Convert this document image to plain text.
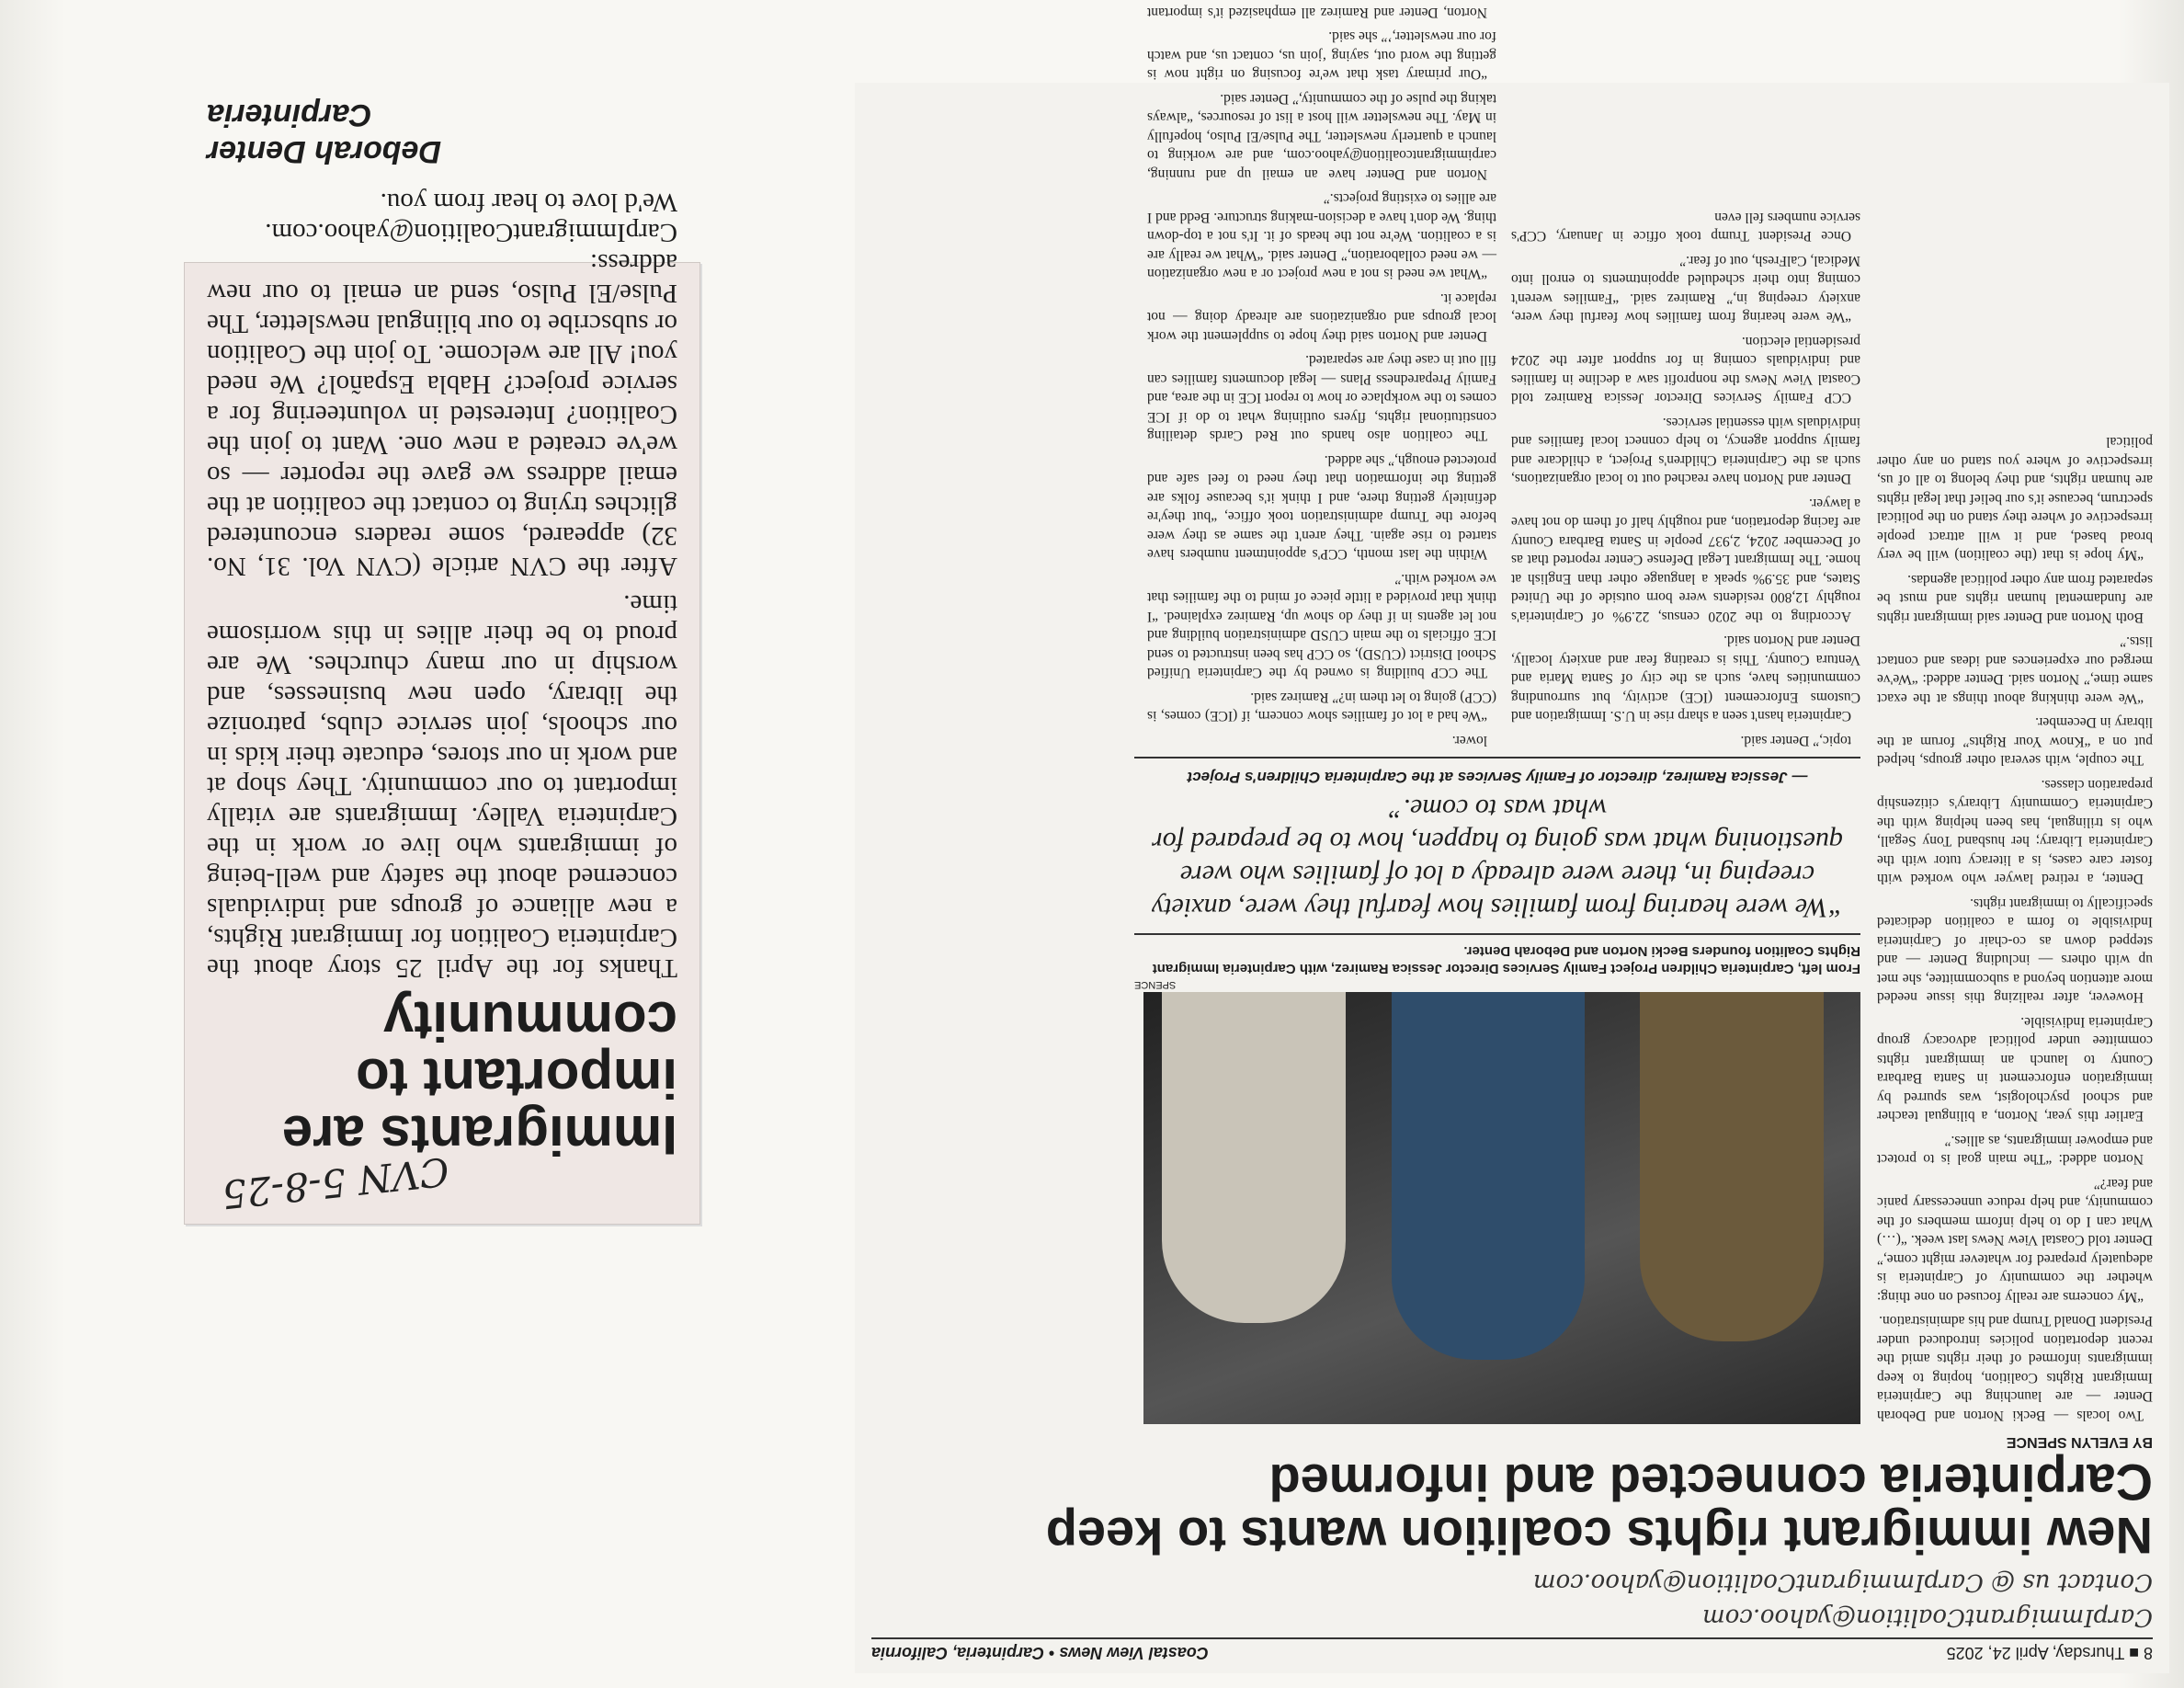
CVN 5-8-25
Immigrants are important to community

Thanks for the April 25 story about the Carpinteria Coalition for Immigrant Rights, a new alliance of groups and individuals concerned about the safety and well-being of immigrants who live or work in the Carpinteria Valley. Immigrants are vitally important to our community. They shop at and work in our stores, educate their kids in our schools, join service clubs, patronize the library, open new businesses, and worship in our many churches. We are proud to be their allies in this worrisome time.

After the CVN article (CVN Vol. 31, No. 32) appeared, some readers encountered glitches trying to contact the coalition at the email address we gave the reporter — so we've created a new one. Want to join the Coalition? Interested in volunteering for a service project? Habla Español? We need you! All are welcome. To join the Coalition or subscribe to our bilingual newsletter, The Pulse/El Pulso, send an email to our new address: CarpImmigrantCoalition@yahoo.com. We'd love to hear from you.

Deborah Denter
Carpinteria
8 ■ Thursday, April 24, 2025
Coastal View News • Carpinteria, California
CarpImmigrantCoalition@yahoo.com
Contact us @ CarpImmigrantCoalition@yahoo.com
New immigrant rights coalition wants to keep Carpinteria connected and informed
BY EVELYN SPENCE

Two locals — Becki Norton and Deborah Denter — are launching the Carpinteria Immigrant Rights Coalition, hoping to keep immigrants informed of their rights amid the recent deportation policies introduced under President Donald Trump and his administration.

“My concerns are really focused on one thing: whether the community of Carpinteria is adequately prepared for whatever might come,” Denter told Coastal View News last week. “(…) What can I do to help inform members of the community, and help reduce unnecessary panic and fear?”

Norton added: “The main goal is to protect and empower immigrants, as allies.”

Earlier this year, Norton, a bilingual teacher and school psychologist, was spurred by immigration enforcement in Santa Barbara County to launch an immigrant rights committee under political advocacy group Carpinteria Indivisible.

However, after realizing this issue needed more attention beyond a subcommittee, she met up with others — including Denter — and stepped down as co-chair of Carpinteria Indivisible to form a coalition dedicated specifically to immigrant rights.

Denter, a retired lawyer who worked with foster care cases, is a literacy tutor with the Carpinteria Library; her husband Tony Segall, who is trilingual, has been helping with the Carpinteria Community Library's citizenship preparation classes.

The couple, with several other groups, helped put on a “Know Your Rights” forum at the library in December.

“We were thinking about things at the exact same time,” Norton said. Denter added: “We've merged our experiences and ideas and contact lists.”

Both Norton and Denter said immigrant rights are fundamental human rights and must be separated from any other political agendas.

“My hope is that (the coalition) will be very broad based, and it will attract people irrespective of where they stand on the political spectrum, because it's our belief that legal rights are human rights, and they belong to all of us, irrespective of where you stand on any other political

SPENCE
From left, Carpinteria Children Project Family Services Director Jessica Ramirez, with Carpinteria Immigrant Rights Coalition founders Becki Norton and Deborah Denter.
“We were hearing from families how fearful they were, anxiety creeping in, there were already a lot of families who were questioning what was going to happen, how to be prepared for what was to come.”
— Jessica Ramirez, director of Family Services at the Carpinteria Children's Project

topic,” Denter said.

Carpinteria hasn't seen a sharp rise in U.S. Immigration and Customs Enforcement (ICE) activity, but surrounding communities have, such as the city of Santa Maria and Ventura County. This is creating fear and anxiety locally, Denter and Norton said.

According to the 2020 census, 22.9% of Carpinteria's roughly 12,800 residents were born outside of the United States, and 35.9% speak a language other than English at home. The Immigrant Legal Defense Center reported that as of December 2024, 2,937 people in Santa Barbara County are facing deportation, and roughly half of them do not have a lawyer.

Denter and Norton have reached out to local organizations, such as the Carpinteria Children's Project, a childcare and family support agency, to help connect local families and individuals with essential services.

CCP Family Services Director Jessica Ramirez told Coastal View News the nonprofit saw a decline in families and individuals coming in for support after the 2024 presidential election.

“We were hearing from families how fearful they were, anxiety creeping in,” Ramirez said. “Families weren't coming into their scheduled appointments to enroll into Medical, CalFresh, out of fear.”

Once President Trump took office in January, CCP's service numbers fell even

lower.

“We had a lot of families show concern, if (ICE) comes, is (CCP) going to let them in?” Ramirez said.

The CCP building is owned by the Carpinteria Unified School District (CUSD), so CCP has been instructed to send ICE officials to the main CUSD administration building and not let agents in if they do show up, Ramirez explained. “I think that provided a little piece of mind to the families that we worked with.”

Within the last month, CCP's appointment numbers have started to rise again. They aren't the same as they were before the Trump administration took office, “but they're definitely getting there, and I think it's because folks are getting the information that they need to feel safe and protected enough,” she added.

The coalition also hands out Red Cards detailing constitutional rights, flyers outlining what to do if ICE comes to the workplace or how to report ICE in the area, and Family Preparedness Plans — legal documents families can fill out in case they are separated.

Denter and Norton said they hope to supplement the work local groups and organizations are already doing — not replace it.

“What we need is not a new project or a new organization — we need collaboration,” Denter said. “What we really are is a coalition. We're not the heads of it. It's not a top-down thing. We don't have a decision-making structure. Bedd and I are allies to existing projects.”

Norton and Denter have an email up and running, carpimmigrantcoalition@yahoo.com, and are working to launch a quarterly newsletter, The Pulse/El Pulso, hopefully in May. The newsletter will host a list of resources, “always taking the pulse of the community,” Denter said.

“Our primary task that we're focusing on right now is getting the word out, saying ‘join us, contact us, and watch for our newsletter,’” she said.

Norton, Denter and Ramirez all emphasized it's important
